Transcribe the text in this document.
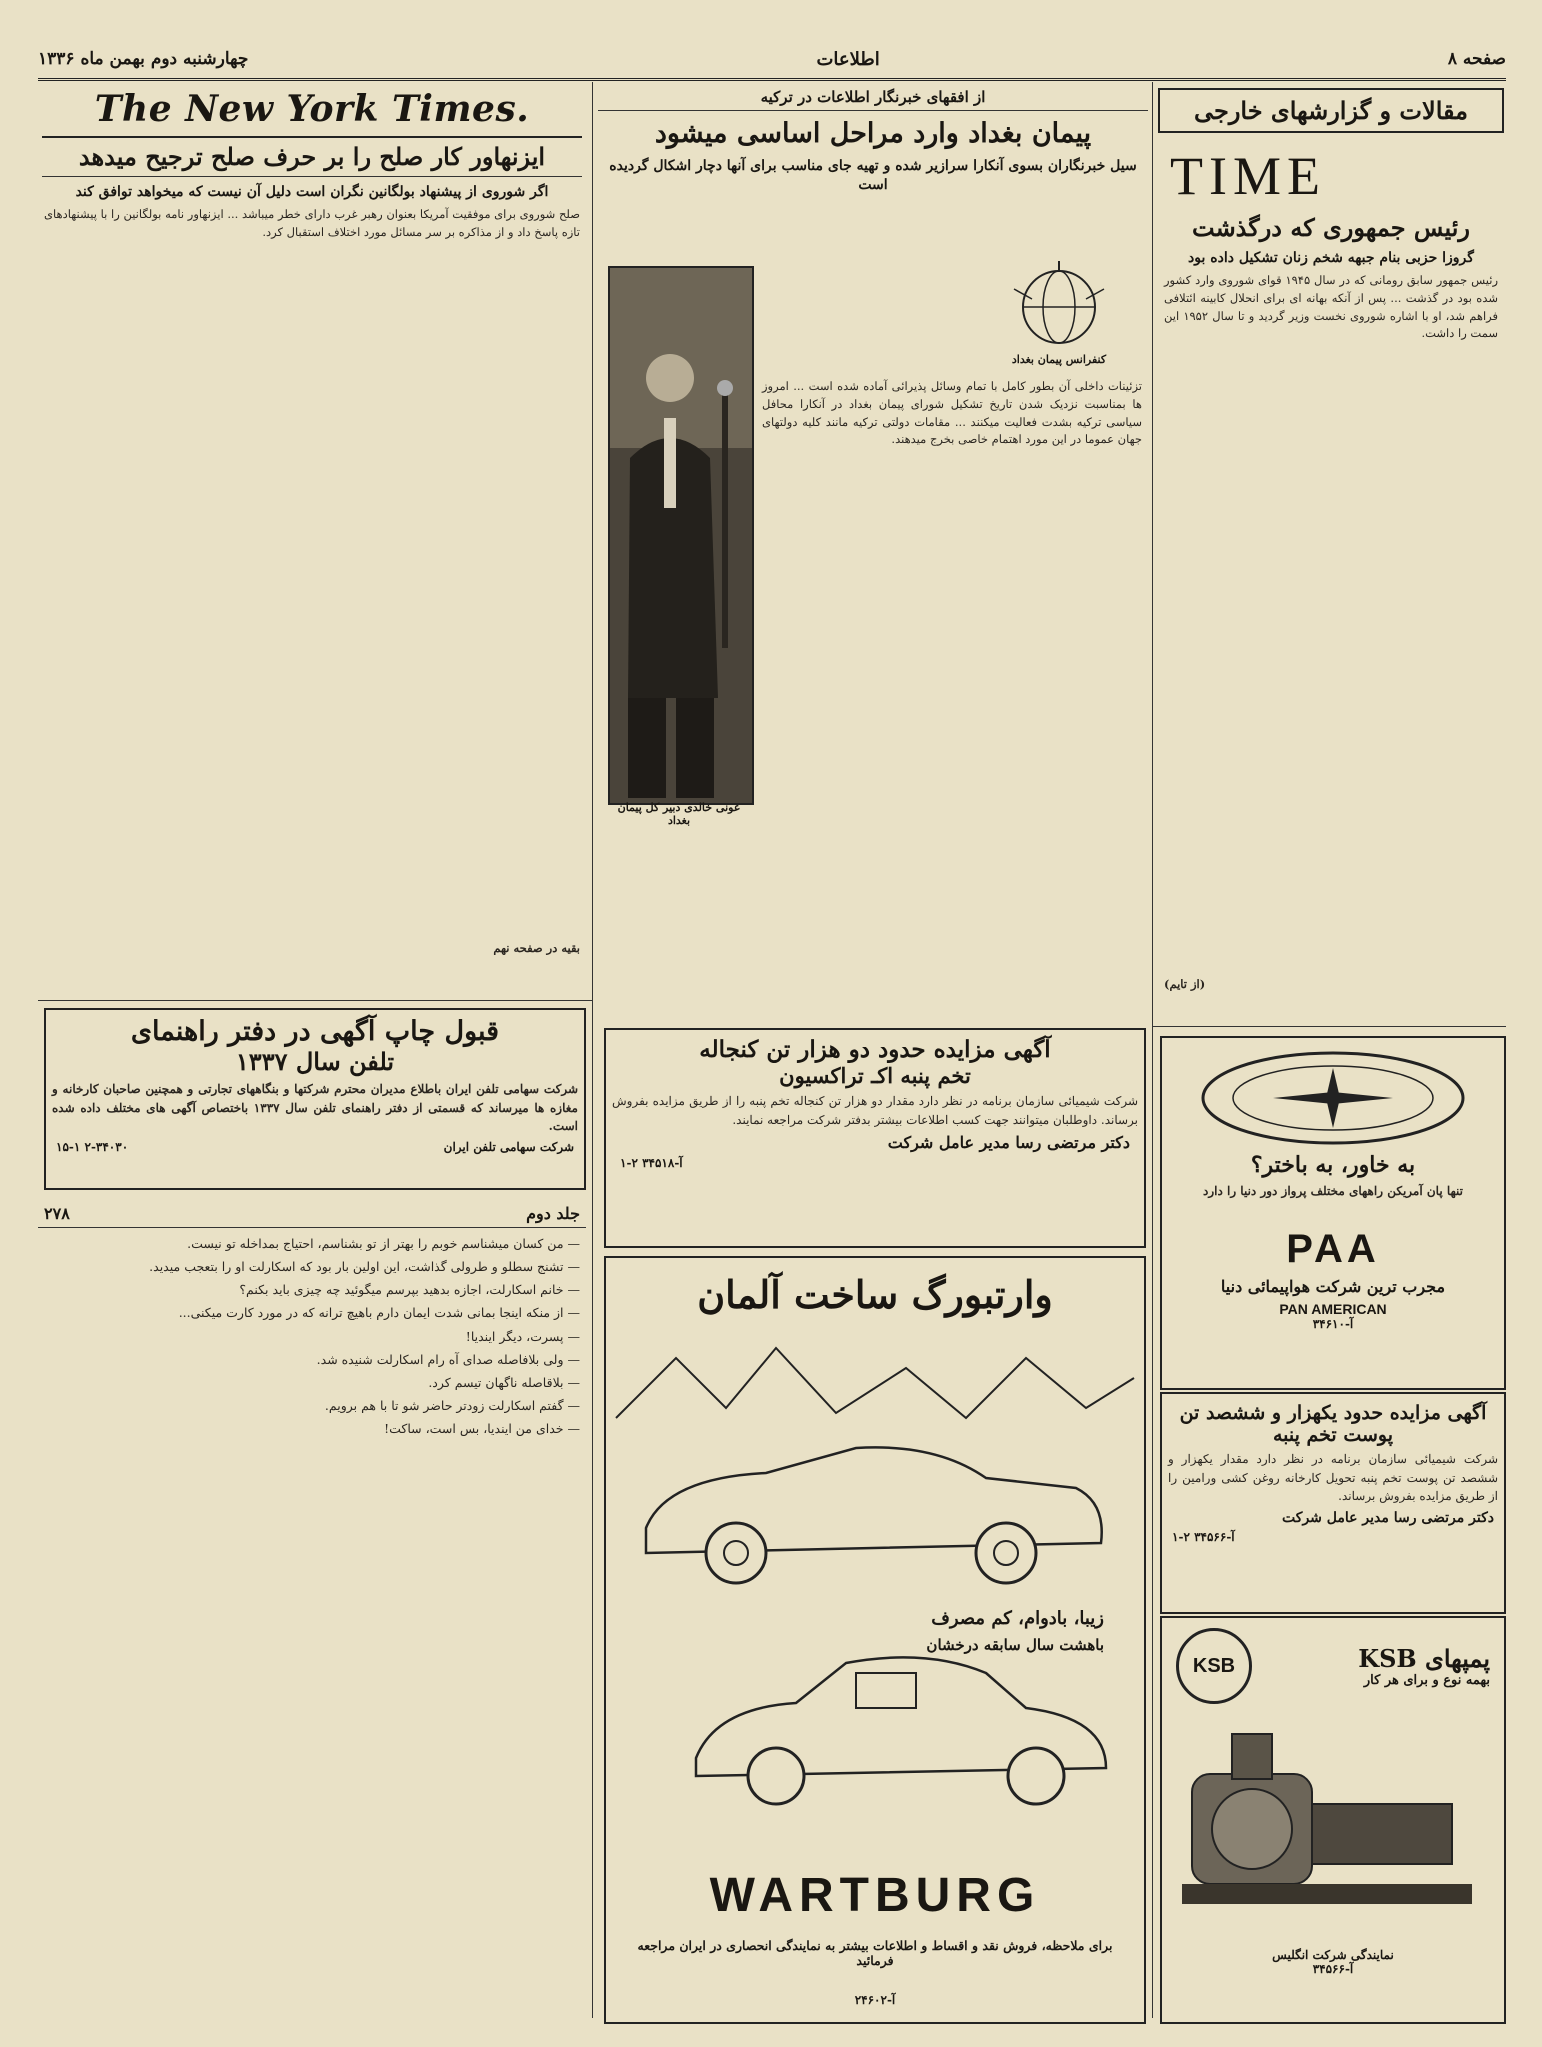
صفحه ۸
اطلاعات
چهارشنبه دوم بهمن ماه ۱۳۳۶
مقالات و گزارشهای خارجی
TIME
رئیس جمهوری که درگذشت
گروزا حزبی بنام جبهه شخم زنان تشکیل داده بود
رئیس جمهور سابق رومانی که در سال ۱۹۴۵ قوای شوروی وارد کشور شده بود در گذشت ... پس از آنکه بهانه ای برای انحلال کابینه ائتلافی فراهم شد، او با اشاره شوروی نخست وزیر گردید و تا سال ۱۹۵۲ این سمت را داشت.
(از تایم)
از افقهای خبرنگار اطلاعات در ترکیه
پیمان بغداد وارد مراحل اساسی میشود
سیل خبرنگاران بسوی آنکارا سرازیر شده و تهیه جای مناسب برای آنها دچار اشکال گردیده است
کنفرانس پیمان بغداد
عونی خالدی دبیر کل پیمان بغداد
تزئینات داخلی آن بطور کامل با تمام وسائل پذیرائی آماده شده است ... امروز ها بمناسبت نزدیک شدن تاریخ تشکیل شورای پیمان بغداد در آنکارا محافل سیاسی ترکیه بشدت فعالیت میکنند ... مقامات دولتی ترکیه مانند کلیه دولتهای جهان عموما در این مورد اهتمام خاصی بخرج میدهند.
The New York Times.
ایزنهاور کار صلح را بر حرف صلح ترجیح میدهد
اگر شوروی از پیشنهاد بولگانین نگران است دلیل آن نیست که میخواهد توافق کند
صلح شوروی برای موفقیت آمریکا بعنوان رهبر غرب دارای خطر میباشد ... ایزنهاور نامه بولگانین را با پیشنهادهای تازه پاسخ داد و از مذاکره بر سر مسائل مورد اختلاف استقبال کرد.
بقیه در صفحه نهم
قبول چاپ آگهی در دفتر راهنمای
تلفن سال ۱۳۳۷
شرکت سهامی تلفن ایران باطلاع مدیران محترم شرکتها و بنگاههای تجارتی و همچنین صاحبان کارخانه و مغازه ها میرساند که قسمتی از دفتر راهنمای تلفن سال ۱۳۳۷ باختصاص آگهی های مختلف داده شده است.
شرکت سهامی تلفن ایران
۱۵-۱ ۲-۳۴۰۳۰
آگهی مزایده حدود دو هزار تن کنجاله
تخم پنبه اکـ تراکسیون
شرکت شیمیائی سازمان برنامه در نظر دارد مقدار دو هزار تن کنجاله تخم پنبه را از طریق مزایده بفروش برساند. داوطلبان میتوانند جهت کسب اطلاعات بیشتر بدفتر شرکت مراجعه نمایند.
دکتر مرتضی رسا مدیر عامل شرکت
آ-۳۴۵۱۸ ۲-۱
جلد دوم
۲۷۸
— من کسان میشناسم خوبم را بهتر از تو بشناسم، احتیاج بمداخله تو نیست.
— تشنج سطلو و طرولی گذاشت، این اولین بار بود که اسکارلت او را بتعجب میدید.
— خانم اسکارلت، اجازه بدهید بپرسم میگوئید چه چیزی باید بکنم؟
— از منکه اینجا بمانی شدت ایمان دارم باهیچ ترانه که در مورد کارت میکنی...
— پسرت، دیگر ایندیا!
— ولی بلافاصله صدای آه رام اسکارلت شنیده شد.
— بلاقاصله ناگهان تیسم کرد.
— گفتم اسکارلت زودتر حاضر شو تا با هم برویم.
— خدای من ایندیا، بس است، ساکت!
وارتبورگ ساخت آلمان
زیبا، بادوام، کم مصرف
باهشت سال سابقه درخشان
WARTBURG
برای ملاحظه، فروش نقد و اقساط و اطلاعات بیشتر به نمایندگی انحصاری در ایران مراجعه فرمائید
آ-۲۴۶۰۲
به خاور، به باختر؟
تنها پان آمریکن راههای مختلف پرواز دور دنیا را دارد
PAA
مجرب ترین شرکت هواپیمائی دنیا
PAN AMERICAN
آ-۳۴۶۱۰
آگهی مزایده حدود یکهزار و ششصد تن
پوست تخم پنبه
شرکت شیمیائی سازمان برنامه در نظر دارد مقدار یکهزار و ششصد تن پوست تخم پنبه تحویل کارخانه روغن کشی ورامین را از طریق مزایده بفروش برساند.
دکتر مرتضی رسا مدیر عامل شرکت
آ-۳۴۵۶۶ ۲-۱
پمپهای KSB
بهمه نوع و برای هر کار
KSB
نمایندگی شرکت انگلیس
آ-۳۴۵۶۶
